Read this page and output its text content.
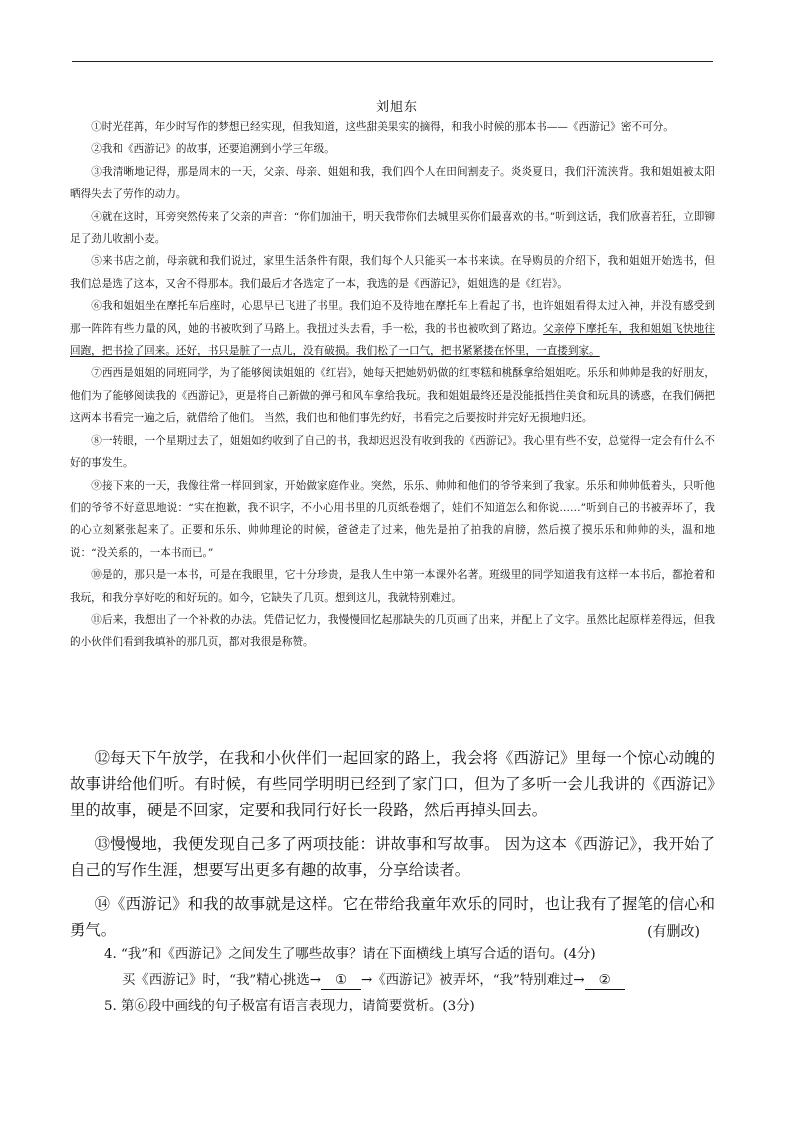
刘旭东

①时光荏苒，年少时写作的梦想已经实现，但我知道，这些甜美果实的摘得，和我小时候的那本书——《西游记》密不可分。

②我和《西游记》的故事，还要追溯到小学三年级。

③我清晰地记得，那是周末的一天，父亲、母亲、姐姐和我，我们四个人在田间割麦子。炎炎夏日，我们汗流浃背。我和姐姐被太阳晒得失去了劳作的动力。

④就在这时，耳旁突然传来了父亲的声音：“你们加油干，明天我带你们去城里买你们最喜欢的书。”听到这话，我们欣喜若狂，立即铆足了劲儿收割小麦。

⑤来书店之前，母亲就和我们说过，家里生活条件有限，我们每个人只能买一本书来读。在导购员的介绍下，我和姐姐开始选书，但我们总是选了这本，又舍不得那本。我们最后才各选定了一本，我选的是《西游记》，姐姐选的是《红岩》。

⑥我和姐姐坐在摩托车后座时，心思早已飞进了书里。我们迫不及待地在摩托车上看起了书，也许姐姐看得太过入神，并没有感受到那一阵阵有些力量的风，她的书被吹到了马路上。我扭过头去看，手一松，我的书也被吹到了路边。父亲停下摩托车，我和姐姐飞快地往回跑，把书捡了回来。还好，书只是脏了一点儿，没有破损。我们松了一口气，把书紧紧搂在怀里，一直搂到家。

⑦西西是姐姐的同班同学，为了能够阅读姐姐的《红岩》，她每天把她奶奶做的红枣糕和桃酥拿给姐姐吃。乐乐和帅帅是我的好朋友，他们为了能够阅读我的《西游记》，更是将自己新做的弹弓和风车拿给我玩。我和姐姐最终还是没能抵挡住美食和玩具的诱惑，在我们俩把这两本书看完一遍之后，就借给了他们。 当然，我们也和他们事先约好，书看完之后要按时并完好无损地归还。

⑧一转眼，一个星期过去了，姐姐如约收到了自己的书，我却迟迟没有收到我的《西游记》。我心里有些不安，总觉得一定会有什么不好的事发生。

⑨接下来的一天，我像往常一样回到家，开始做家庭作业。突然，乐乐、帅帅和他们的爷爷来到了我家。乐乐和帅帅低着头，只听他们的爷爷不好意思地说：“实在抱歉，我不识字，不小心用书里的几页纸卷烟了，娃们不知道怎么和你说……”听到自己的书被弄坏了，我的心立刻紧张起来了。正要和乐乐、帅帅理论的时候，爸爸走了过来，他先是拍了拍我的肩膀，然后摸了摸乐乐和帅帅的头，温和地说：“没关系的，一本书而已。”

⑩是的，那只是一本书，可是在我眼里，它十分珍贵，是我人生中第一本课外名著。班级里的同学知道我有这样一本书后，都抢着和我玩，和我分享好吃的和好玩的。如今，它缺失了几页。想到这儿，我就特别难过。

⑪后来，我想出了一个补救的办法。凭借记忆力，我慢慢回忆起那缺失的几页画了出来，并配上了文字。虽然比起原样差得远，但我的小伙伴们看到我填补的那几页，都对我很是称赞。

⑫每天下午放学，在我和小伙伴们一起回家的路上，我会将《西游记》里每一个惊心动魄的故事讲给他们听。有时候，有些同学明明已经到了家门口，但为了多听一会儿我讲的《西游记》里的故事，硬是不回家，定要和我同行好长一段路，然后再掉头回去。

⑬慢慢地，我便发现自己多了两项技能：讲故事和写故事。 因为这本《西游记》，我开始了自己的写作生涯，想要写出更多有趣的故事，分享给读者。

⑭《西游记》和我的故事就是这样。它在带给我童年欢乐的同时，也让我有了握笔的信心和勇气。	(有删改)
4. “我”和《西游记》之间发生了哪些故事？请在下面横线上填写合适的语句。(4分)
买《西游记》时，“我”精心挑选→ ① →《西游记》被弄坏，“我”特别难过→ ②
5. 第⑥段中画线的句子极富有语言表现力，请简要赏析。(3分)
